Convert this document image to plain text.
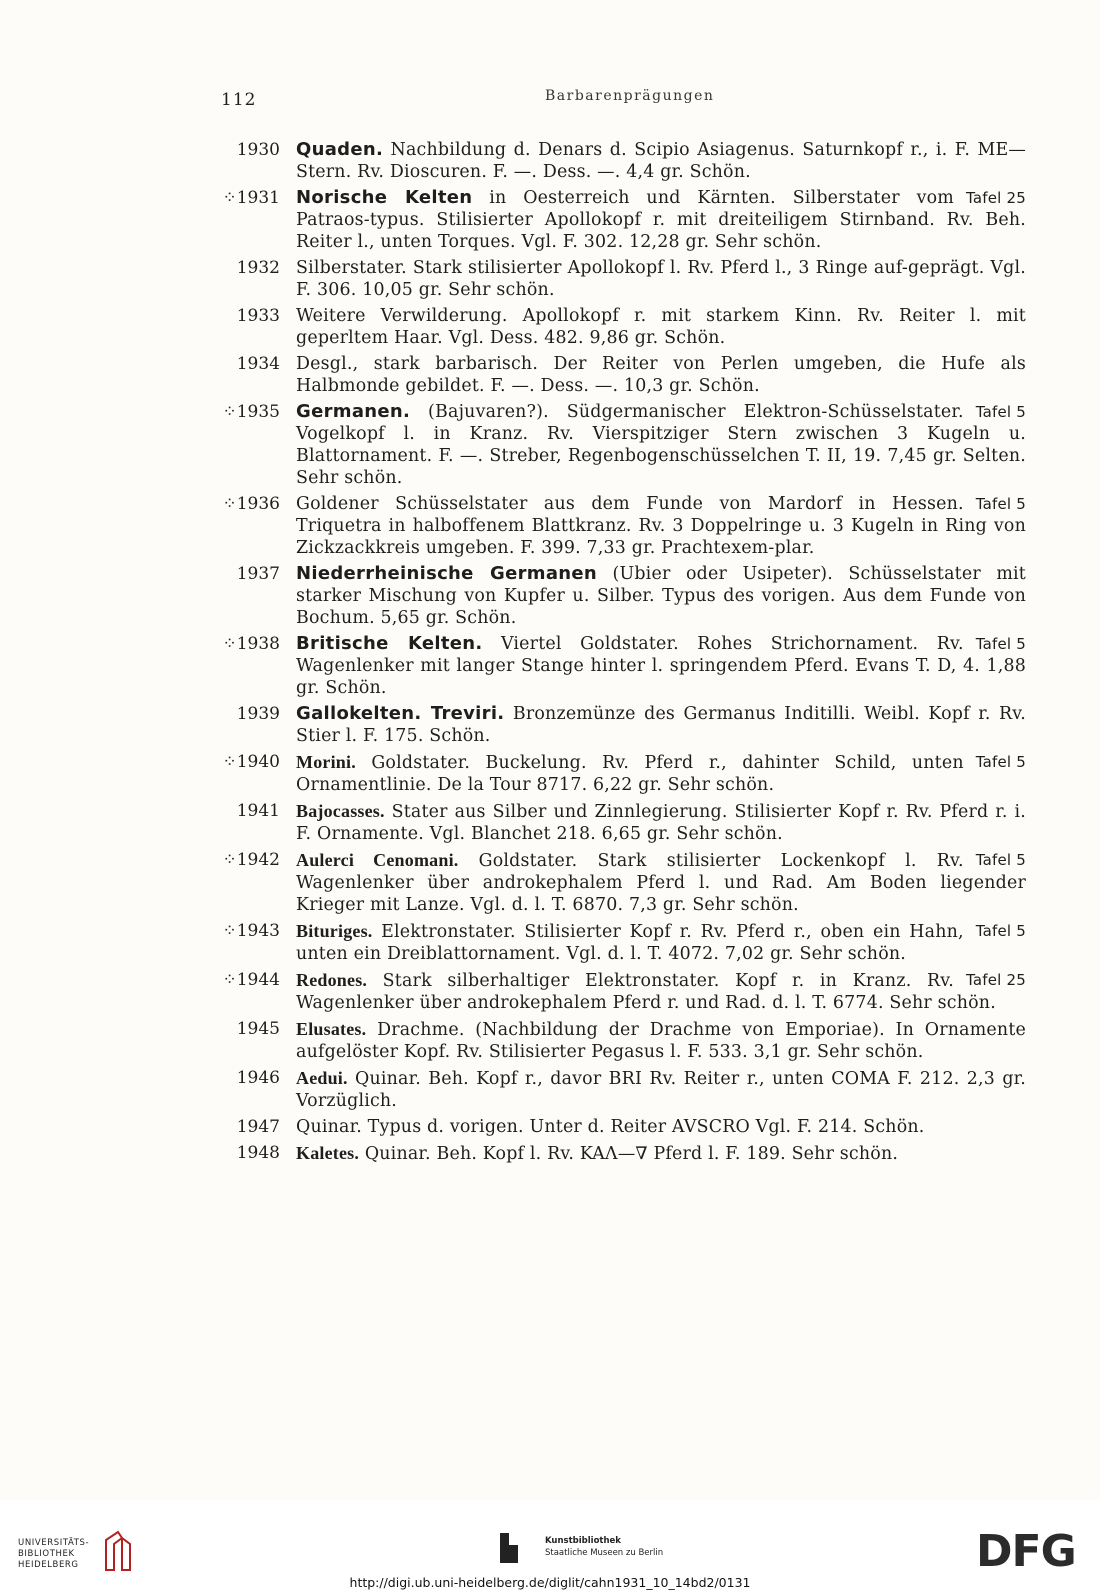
112	Barbarenprägungen
1930 Quaden. Nachbildung d. Denars d. Scipio Asiagenus. Saturnkopf r., i. F. ME— Stern. Rv. Dioscuren. F. —. Dess. —. 4,4 gr. Schön.
⁘1931	Tafel 25
Norische Kelten in Oesterreich und Kärnten. Silberstater vom Patraos-typus. Stilisierter Apollokopf r. mit dreiteiligem Stirnband. Rv. Beh. Reiter l., unten Torques. Vgl. F. 302. 12,28 gr. Sehr schön.
1932 Silberstater. Stark stilisierter Apollokopf l. Rv. Pferd l., 3 Ringe auf-geprägt. Vgl. F. 306. 10,05 gr. Sehr schön.
1933 Weitere Verwilderung. Apollokopf r. mit starkem Kinn. Rv. Reiter l. mit geperltem Haar. Vgl. Dess. 482. 9,86 gr. Schön.
1934 Desgl., stark barbarisch. Der Reiter von Perlen umgeben, die Hufe als Halbmonde gebildet. F. —. Dess. —. 10,3 gr. Schön.
⁘1935	Tafel 5
Germanen. (Bajuvaren?). Südgermanischer Elektron-Schüsselstater. Vogelkopf l. in Kranz. Rv. Vierspitziger Stern zwischen 3 Kugeln u. Blattornament. F. —. Streber, Regenbogenschüsselchen T. II, 19. 7,45 gr. Selten. Sehr schön.
⁘1936	Tafel 5
Goldener Schüsselstater aus dem Funde von Mardorf in Hessen. Triquetra in halboffenem Blattkranz. Rv. 3 Doppelringe u. 3 Kugeln in Ring von Zickzackkreis umgeben. F. 399. 7,33 gr. Prachtexem-plar.
1937 Niederrheinische Germanen (Ubier oder Usipeter). Schüsselstater mit starker Mischung von Kupfer u. Silber. Typus des vorigen. Aus dem Funde von Bochum. 5,65 gr. Schön.
⁘1938	Tafel 5
Britische Kelten. Viertel Goldstater. Rohes Strichornament. Rv. Wagenlenker mit langer Stange hinter l. springendem Pferd. Evans T. D, 4. 1,88 gr. Schön.
1939 Gallokelten. Treviri. Bronzemünze des Germanus Inditilli. Weibl. Kopf r. Rv. Stier l. F. 175. Schön.
⁘1940	Tafel 5
Morini. Goldstater. Buckelung. Rv. Pferd r., dahinter Schild, unten Ornamentlinie. De la Tour 8717. 6,22 gr. Sehr schön.
1941 Bajocasses. Stater aus Silber und Zinnlegierung. Stilisierter Kopf r. Rv. Pferd r. i. F. Ornamente. Vgl. Blanchet 218. 6,65 gr. Sehr schön.
⁘1942	Tafel 5
Aulerci Cenomani. Goldstater. Stark stilisierter Lockenkopf l. Rv. Wagenlenker über androkephalem Pferd l. und Rad. Am Boden liegender Krieger mit Lanze. Vgl. d. l. T. 6870. 7,3 gr. Sehr schön.
⁘1943	Tafel 5
Bituriges. Elektronstater. Stilisierter Kopf r. Rv. Pferd r., oben ein Hahn, unten ein Dreiblattornament. Vgl. d. l. T. 4072. 7,02 gr. Sehr schön.
⁘1944	Tafel 25
Redones. Stark silberhaltiger Elektronstater. Kopf r. in Kranz. Rv. Wagenlenker über androkephalem Pferd r. und Rad. d. l. T. 6774. Sehr schön.
1945 Elusates. Drachme. (Nachbildung der Drachme von Emporiae). In Ornamente aufgelöster Kopf. Rv. Stilisierter Pegasus l. F. 533. 3,1 gr. Sehr schön.
1946 Aedui. Quinar. Beh. Kopf r., davor BRI Rv. Reiter r., unten COMA F. 212. 2,3 gr. Vorzüglich.
1947 Quinar. Typus d. vorigen. Unter d. Reiter AVSCRO Vgl. F. 214. Schön.
1948 Kaletes. Quinar. Beh. Kopf l. Rv. KAΛ—∇ Pferd l. F. 189. Sehr schön.
UNIVERSITÄTS-
BIBLIOTHEK
HEIDELBERG
Kunstbibliothek
Staatliche Museen zu Berlin	DFG
http://digi.ub.uni-heidelberg.de/diglit/cahn1931_10_14bd2/0131
